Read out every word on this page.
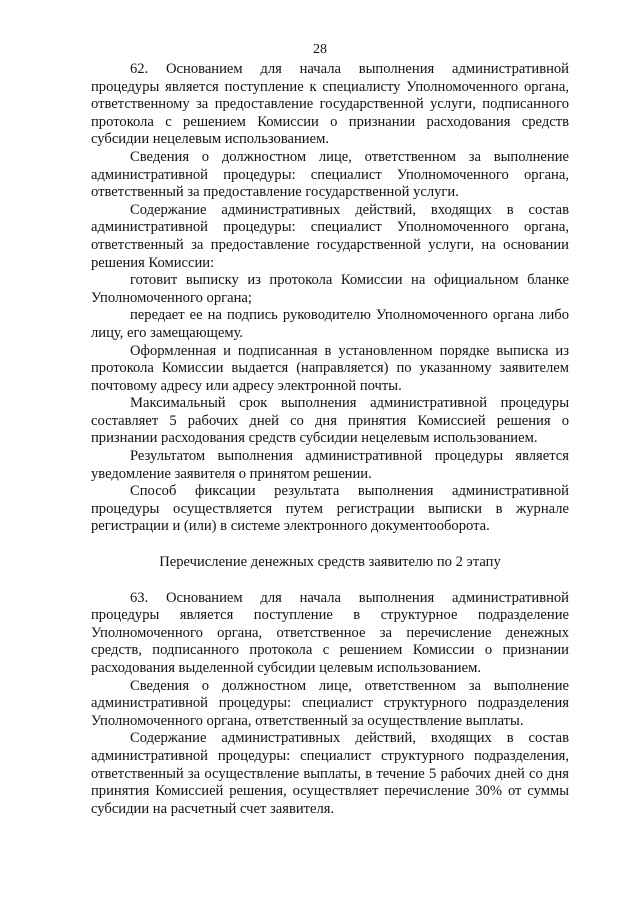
28

62. Основанием для начала выполнения административной процедуры является поступление к специалисту Уполномоченного органа, ответственному за предоставление государственной услуги, подписанного протокола с решением Комиссии о признании расходования средств субсидии нецелевым использованием.

Сведения о должностном лице, ответственном за выполнение административной процедуры: специалист Уполномоченного органа, ответственный за предоставление государственной услуги.

Содержание административных действий, входящих в состав административной процедуры: специалист Уполномоченного органа, ответственный за предоставление государственной услуги, на основании решения Комиссии:

готовит выписку из протокола Комиссии на официальном бланке Уполномоченного органа;

передает ее на подпись руководителю Уполномоченного органа либо лицу, его замещающему.

Оформленная и подписанная в установленном порядке выписка из протокола Комиссии выдается (направляется) по указанному заявителем почтовому адресу или адресу электронной почты.

Максимальный срок выполнения административной процедуры составляет 5 рабочих дней со дня принятия Комиссией решения о признании расходования средств субсидии нецелевым использованием.

Результатом выполнения административной процедуры является уведомление заявителя о принятом решении.

Способ фиксации результата выполнения административной процедуры осуществляется путем регистрации выписки в журнале регистрации и (или) в системе электронного документооборота.

Перечисление денежных средств заявителю по 2 этапу

63. Основанием для начала выполнения административной процедуры является поступление в структурное подразделение Уполномоченного органа, ответственное за перечисление денежных средств, подписанного протокола с решением Комиссии о признании расходования выделенной субсидии целевым использованием.

Сведения о должностном лице, ответственном за выполнение административной процедуры: специалист структурного подразделения Уполномоченного органа, ответственный за осуществление выплаты.

Содержание административных действий, входящих в состав административной процедуры: специалист структурного подразделения, ответственный за осуществление выплаты, в течение 5 рабочих дней со дня принятия Комиссией решения, осуществляет перечисление 30% от суммы субсидии на расчетный счет заявителя.
